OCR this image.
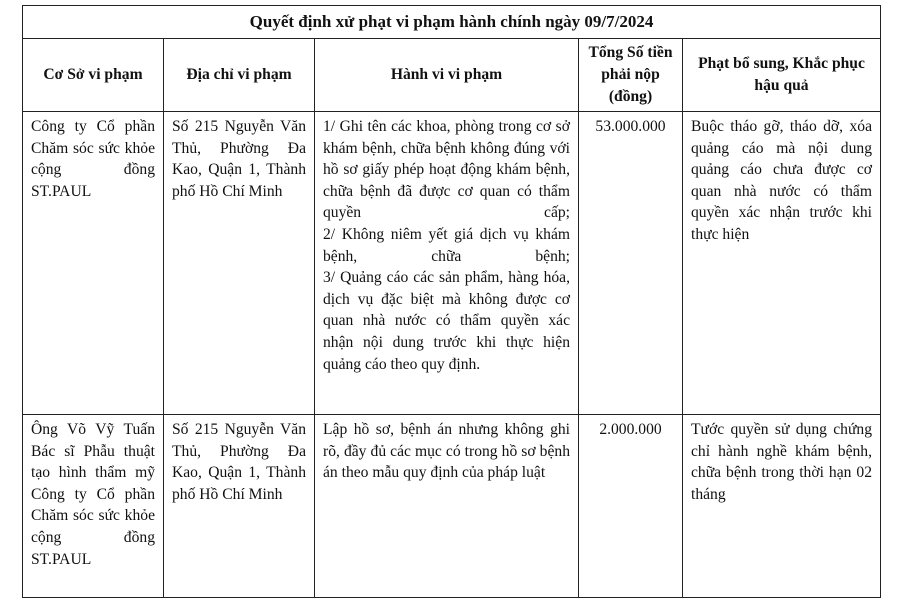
Quyết định xử phạt vi phạm hành chính ngày 09/7/2024				
Cơ Sở vi phạm	Địa chỉ vi phạm	Hành vi vi phạm	Tổng Số tiền phải nộp (đồng)	Phạt bổ sung, Khắc phục hậu quả
Công ty Cổ phần Chăm sóc sức khỏe cộng đồng ST.PAUL	Số 215 Nguyễn Văn Thủ, Phường Đa Kao, Quận 1, Thành phố Hồ Chí Minh	1/ Ghi tên các khoa, phòng trong cơ sở khám bệnh, chữa bệnh không đúng với hồ sơ giấy phép hoạt động khám bệnh, chữa bệnh đã được cơ quan có thẩm quyền cấp;
2/ Không niêm yết giá dịch vụ khám bệnh, chữa bệnh;
3/ Quảng cáo các sản phẩm, hàng hóa, dịch vụ đặc biệt mà không được cơ quan nhà nước có thẩm quyền xác nhận nội dung trước khi thực hiện quảng cáo theo quy định.	53.000.000	Buộc tháo gỡ, tháo dỡ, xóa quảng cáo mà nội dung quảng cáo chưa được cơ quan nhà nước có thẩm quyền xác nhận trước khi thực hiện
Ông Võ Vỹ Tuấn Bác sĩ Phẫu thuật tạo hình thẩm mỹ Công ty Cổ phần Chăm sóc sức khỏe cộng đồng ST.PAUL	Số 215 Nguyễn Văn Thủ, Phường Đa Kao, Quận 1, Thành phố Hồ Chí Minh	Lập hồ sơ, bệnh án nhưng không ghi rõ, đầy đủ các mục có trong hồ sơ bệnh án theo mẫu quy định của pháp luật	2.000.000	Tước quyền sử dụng chứng chỉ hành nghề khám bệnh, chữa bệnh trong thời hạn 02 tháng
